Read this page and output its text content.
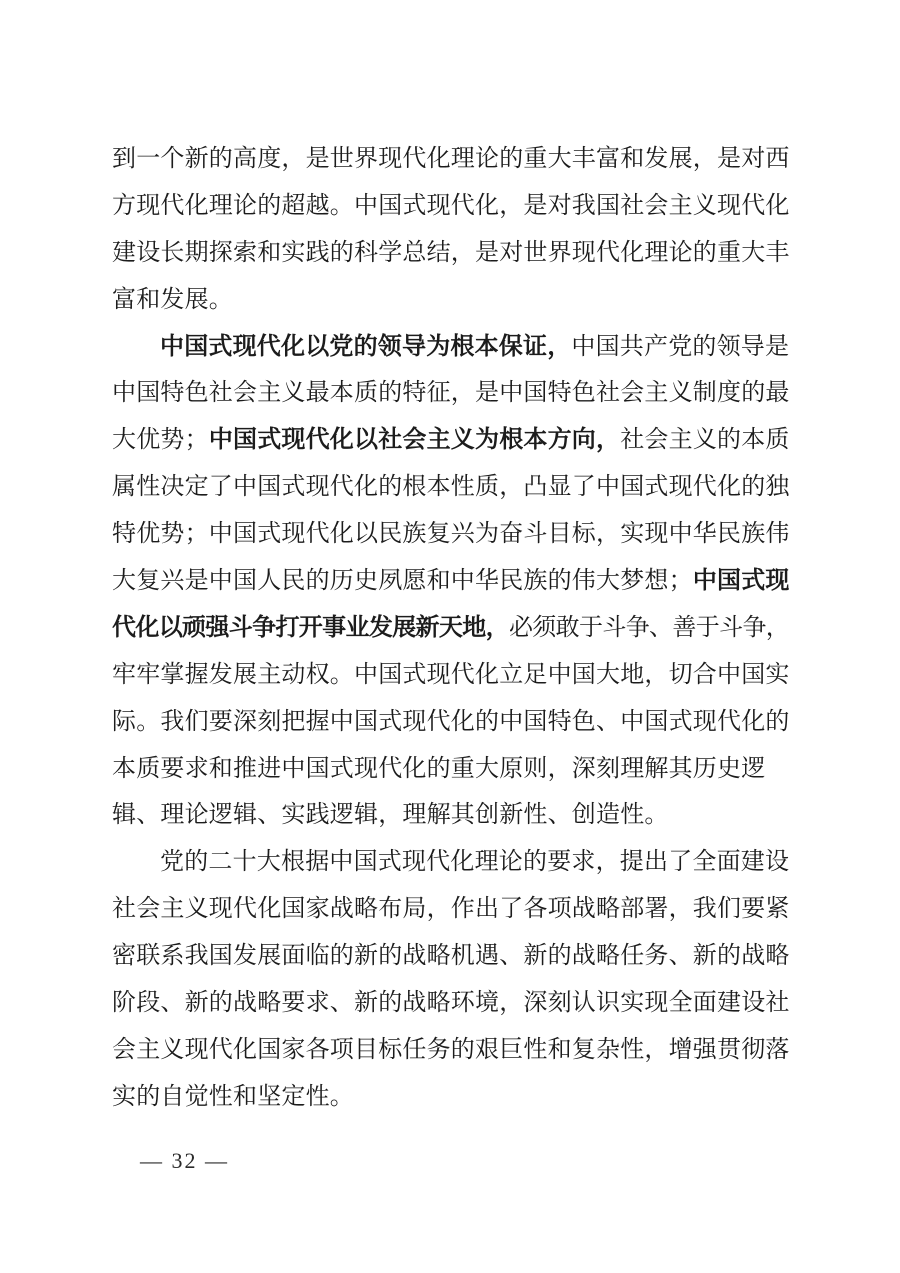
到一个新的高度，是世界现代化理论的重大丰富和发展，是对西
方现代化理论的超越。中国式现代化，是对我国社会主义现代化
建设长期探索和实践的科学总结，是对世界现代化理论的重大丰
富和发展。
中国式现代化以党的领导为根本保证，中国共产党的领导是
中国特色社会主义最本质的特征，是中国特色社会主义制度的最
大优势；中国式现代化以社会主义为根本方向，社会主义的本质
属性决定了中国式现代化的根本性质，凸显了中国式现代化的独
特优势；中国式现代化以民族复兴为奋斗目标，实现中华民族伟
大复兴是中国人民的历史夙愿和中华民族的伟大梦想；中国式现
代化以顽强斗争打开事业发展新天地，必须敢于斗争、善于斗争，
牢牢掌握发展主动权。中国式现代化立足中国大地，切合中国实
际。我们要深刻把握中国式现代化的中国特色、中国式现代化的
本质要求和推进中国式现代化的重大原则，深刻理解其历史逻
辑、理论逻辑、实践逻辑，理解其创新性、创造性。
党的二十大根据中国式现代化理论的要求，提出了全面建设
社会主义现代化国家战略布局，作出了各项战略部署，我们要紧
密联系我国发展面临的新的战略机遇、新的战略任务、新的战略
阶段、新的战略要求、新的战略环境，深刻认识实现全面建设社
会主义现代化国家各项目标任务的艰巨性和复杂性，增强贯彻落
实的自觉性和坚定性。
— 32 —
